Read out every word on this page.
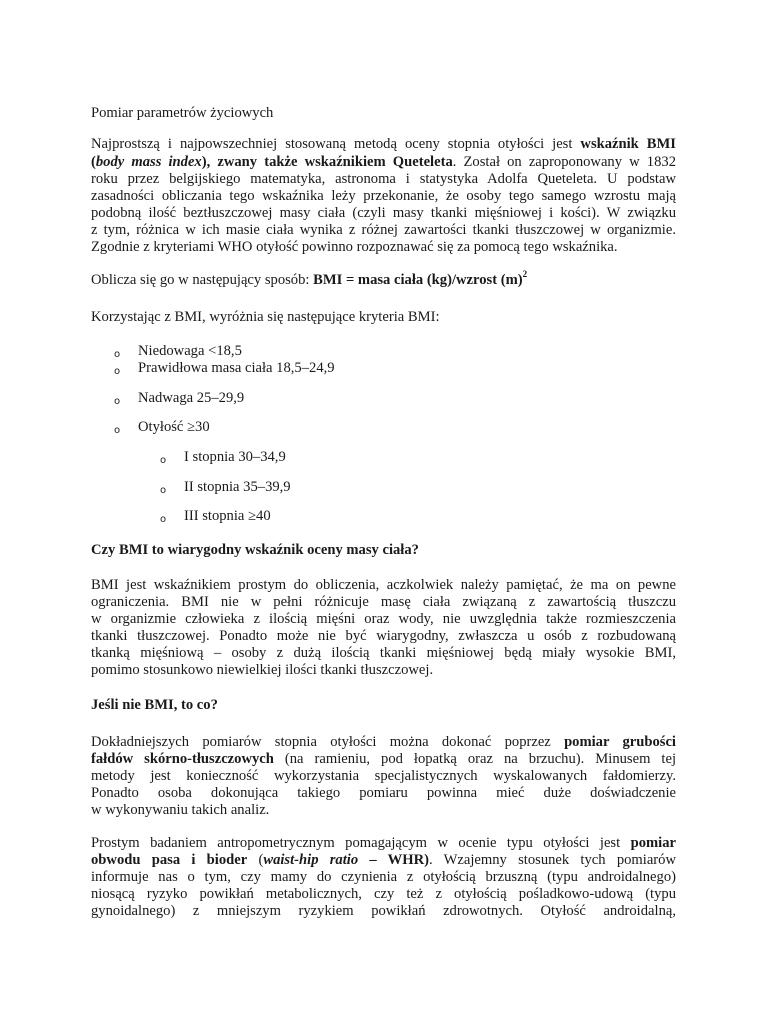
Pomiar parametrów życiowych

Najprostszą i najpowszechniej stosowaną metodą oceny stopnia otyłości jest wskaźnik BMI

(body mass index), zwany także wskaźnikiem Queteleta. Został on zaproponowany w 1832

roku przez belgijskiego matematyka, astronoma i statystyka Adolfa Queteleta. U podstaw

zasadności obliczania tego wskaźnika leży przekonanie, że osoby tego samego wzrostu mają

podobną ilość beztłuszczowej masy ciała (czyli masy tkanki mięśniowej i kości). W związku

z tym, różnica w ich masie ciała wynika z różnej zawartości tkanki tłuszczowej w organizmie.

Zgodnie z kryteriami WHO otyłość powinno rozpoznawać się za pomocą tego wskaźnika.

Oblicza się go w następujący sposób: BMI = masa ciała (kg)/wzrost $(m)^2$

Korzystając z BMI, wyróżnia się następujące kryteria BMI:

o Niedowaga <18,5
o Prawidłowa masa ciała 18,5–24,9
o Nadwaga 25–29,9
o Otyłość ≥30
o I stopnia 30–34,9
o II stopnia 35–39,9
o III stopnia ≥40

Czy BMI to wiarygodny wskaźnik oceny masy ciała?

BMI jest wskaźnikiem prostym do obliczenia, aczkolwiek należy pamiętać, że ma on pewne

ograniczenia. BMI nie w pełni różnicuje masę ciała związaną z zawartością tłuszczu

w organizmie człowieka z ilością mięśni oraz wody, nie uwzględnia także rozmieszczenia

tkanki tłuszczowej. Ponadto może nie być wiarygodny, zwłaszcza u osób z rozbudowaną

tkanką mięśniową – osoby z dużą ilością tkanki mięśniowej będą miały wysokie BMI,

pomimo stosunkowo niewielkiej ilości tkanki tłuszczowej.

Jeśli nie BMI, to co?

Dokładniejszych pomiarów stopnia otyłości można dokonać poprzez pomiar grubości

fałdów skórno-tłuszczowych (na ramieniu, pod łopatką oraz na brzuchu). Minusem tej

metody jest konieczność wykorzystania specjalistycznych wyskalowanych fałdomierzy.

Ponadto osoba dokonująca takiego pomiaru powinna mieć duże doświadczenie

w wykonywaniu takich analiz.

Prostym badaniem antropometrycznym pomagającym w ocenie typu otyłości jest pomiar

obwodu pasa i bioder (waist-hip ratio – WHR). Wzajemny stosunek tych pomiarów

informuje nas o tym, czy mamy do czynienia z otyłością brzuszną (typu androidalnego)

niosącą ryzyko powikłań metabolicznych, czy też z otyłością pośladkowo-udową (typu

gynoidalnego) z mniejszym ryzykiem powikłań zdrowotnych. Otyłość androidalną,
